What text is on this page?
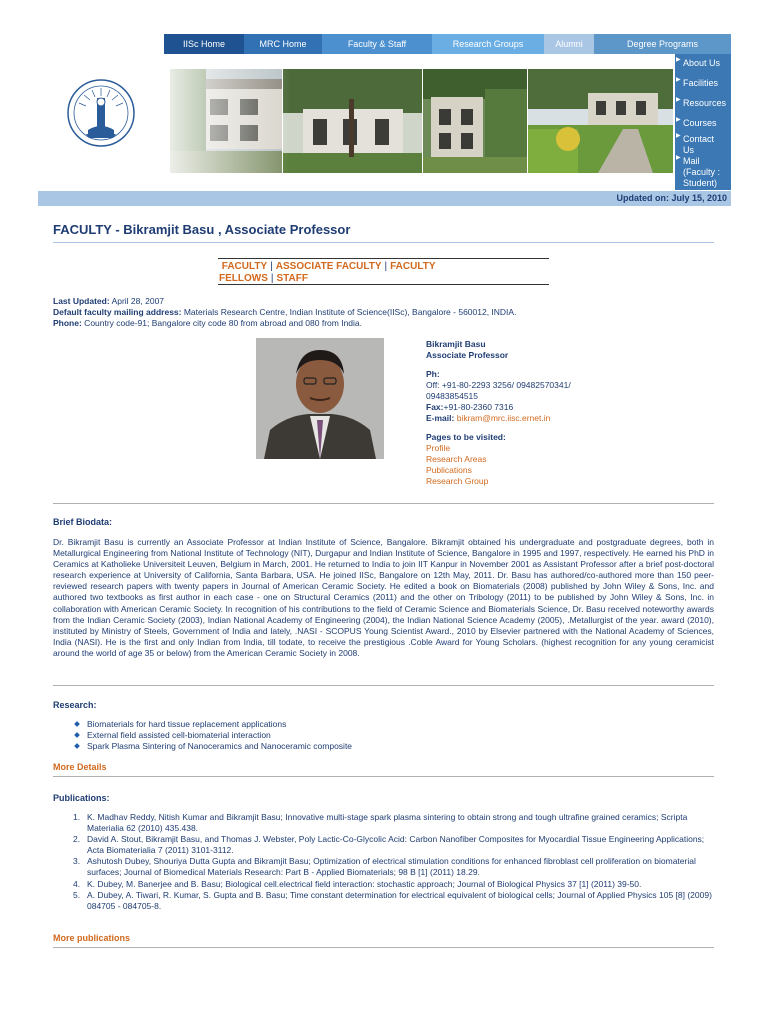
IISc Home	MRC Home	Faculty & Staff	Research Groups	Alumni	Degree Programs
▶ About Us
▶ Facilities
▶ Resources
▶ Courses
▶ Contact Us
▶ Mail (Faculty : Student)
Updated on: July 15, 2010
FACULTY - Bikramjit Basu , Associate Professor
FACULTY | ASSOCIATE FACULTY | FACULTY FELLOWS | STAFF
Last Updated: April 28, 2007
Default faculty mailing address: Materials Research Centre, Indian Institute of Science(IISc), Bangalore - 560012, INDIA.
Phone: Country code-91; Bangalore city code 80 from abroad and 080 from India.
Bikramjit Basu
Associate Professor
Ph:
Off: +91-80-2293 3256/ 09482570341/
09483854515
Fax:+91-80-2360 7316
E-mail: bikram@mrc.iisc.ernet.in
Pages to be visited:
Profile
Research Areas
Publications
Research Group
Brief Biodata:
Dr. Bikramjit Basu is currently an Associate Professor at Indian Institute of Science, Bangalore. Bikramjit obtained his undergraduate and postgraduate degrees, both in Metallurgical Engineering from National Institute of Technology (NIT), Durgapur and Indian Institute of Science, Bangalore in 1995 and 1997, respectively. He earned his PhD in Ceramics at Katholieke Universiteit Leuven, Belgium in March, 2001. He returned to India to join IIT Kanpur in November 2001 as Assistant Professor after a brief post-doctoral research experience at University of California, Santa Barbara, USA. He joined IISc, Bangalore on 12th May, 2011. Dr. Basu has authored/co-authored more than 150 peer-reviewed research papers with twenty papers in Journal of American Ceramic Society. He edited a book on Biomaterials (2008) published by John Wiley & Sons, Inc. and authored two textbooks as first author in each case - one on Structural Ceramics (2011) and the other on Tribology (2011) to be published by John Wiley & Sons, Inc. in collaboration with American Ceramic Society. In recognition of his contributions to the field of Ceramic Science and Biomaterials Science, Dr. Basu received noteworthy awards from the Indian Ceramic Society (2003), Indian National Academy of Engineering (2004), the Indian National Science Academy (2005), .Metallurgist of the year. award (2010), instituted by Ministry of Steels, Government of India and lately, .NASI - SCOPUS Young Scientist Award., 2010 by Elsevier partnered with the National Academy of Sciences, India (NASI). He is the first and only Indian from India, till todate, to receive the prestigious .Coble Award for Young Scholars. (highest recognition for any young ceramicist around the world of age 35 or below) from the American Ceramic Society in 2008.
Research:
Biomaterials for hard tissue replacement applications
External field assisted cell-biomaterial interaction
Spark Plasma Sintering of Nanoceramics and Nanoceramic composite
More Details
Publications:
1. K. Madhav Reddy, Nitish Kumar and Bikramjit Basu; Innovative multi-stage spark plasma sintering to obtain strong and tough ultrafine grained ceramics; Scripta Materialia 62 (2010) 435.438.
2. David A. Stout, Bikramjit Basu, and Thomas J. Webster, Poly Lactic-Co-Glycolic Acid: Carbon Nanofiber Composites for Myocardial Tissue Engineering Applications; Acta Biomaterialia 7 (2011) 3101-3112.
3. Ashutosh Dubey, Shouriya Dutta Gupta and Bikramjit Basu; Optimization of electrical stimulation conditions for enhanced fibroblast cell proliferation on biomaterial surfaces; Journal of Biomedical Materials Research: Part B - Applied Biomaterials; 98 B [1] (2011) 18.29.
4. K. Dubey, M. Banerjee and B. Basu; Biological cell.electrical field interaction: stochastic approach; Journal of Biological Physics 37 [1] (2011) 39-50.
5. A. Dubey, A. Tiwari, R. Kumar, S. Gupta and B. Basu; Time constant determination for electrical equivalent of biological cells; Journal of Applied Physics 105 [8] (2009) 084705 - 084705-8.
More publications
